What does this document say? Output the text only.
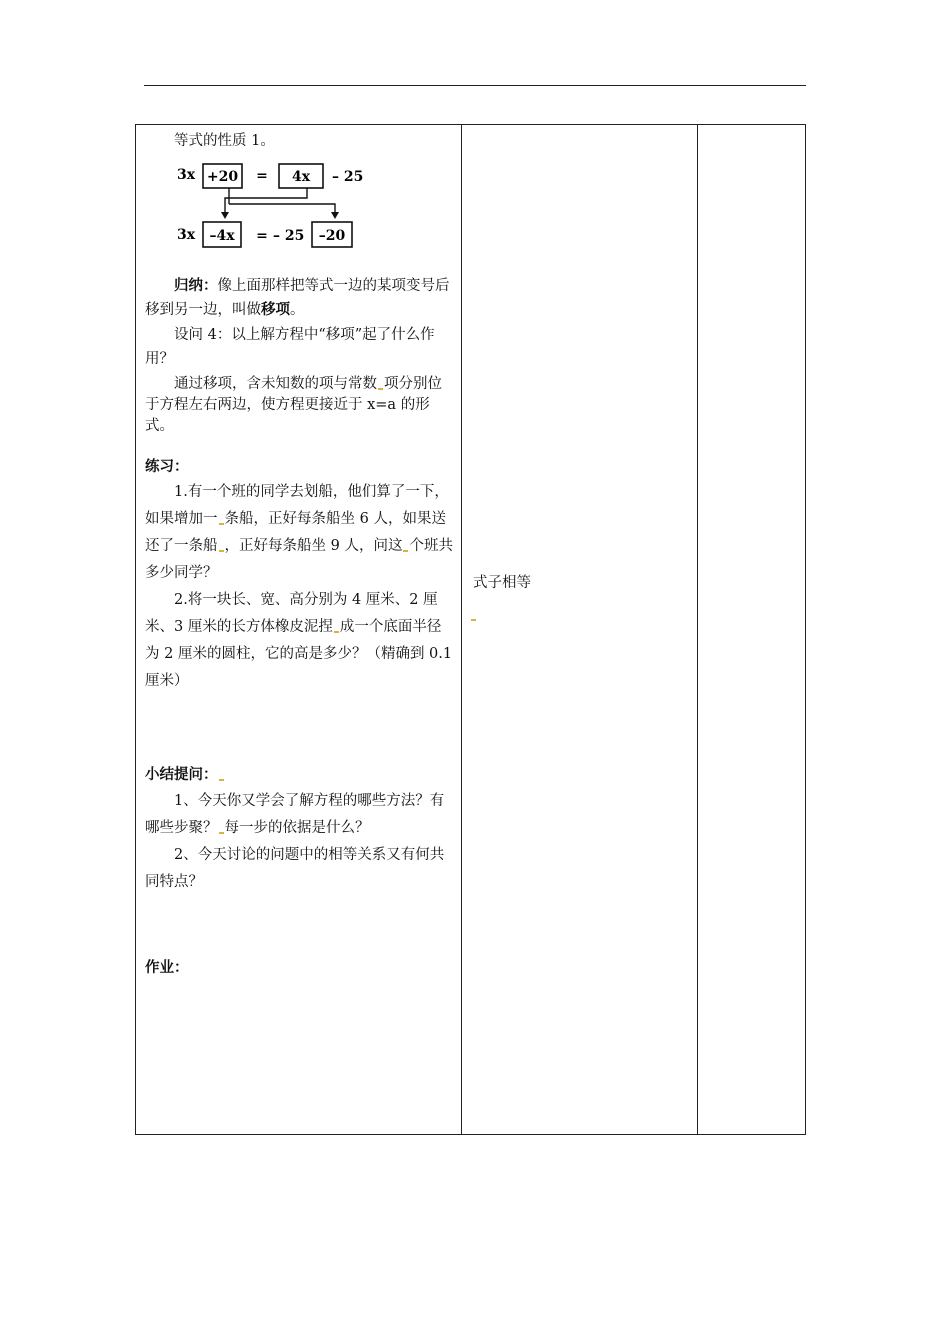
等式的性质 1。

3x +20 = 4x – 25
3x –4x = – 25 –20

归纳：像上面那样把等式一边的某项变号后移到另一边，叫做移项。

设问 4：以上解方程中“移项”起了什么作用？

通过移项，含未知数的项与常数 项分别位于方程左右两边，使方程更接近于 x=a 的形式。

练习：

1.有一个班的同学去划船，他们算了一下，如果增加一 条船，正好每条船坐 6 人，如果送还了一条船 ，正好每条船坐 9 人，问这 个班共多少同学？

2.将一块长、宽、高分别为 4 厘米、2 厘米、3 厘米的长方体橡皮泥捏 成一个底面半径为 2 厘米的圆柱，它的高是多少？（精确到 0.1 厘米）

小结提问：

1、今天你又学会了解方程的哪些方法？有哪些步聚？ 每一步的依据是什么？

2、今天讨论的问题中的相等关系又有何共同特点？

作业：

式子相等
